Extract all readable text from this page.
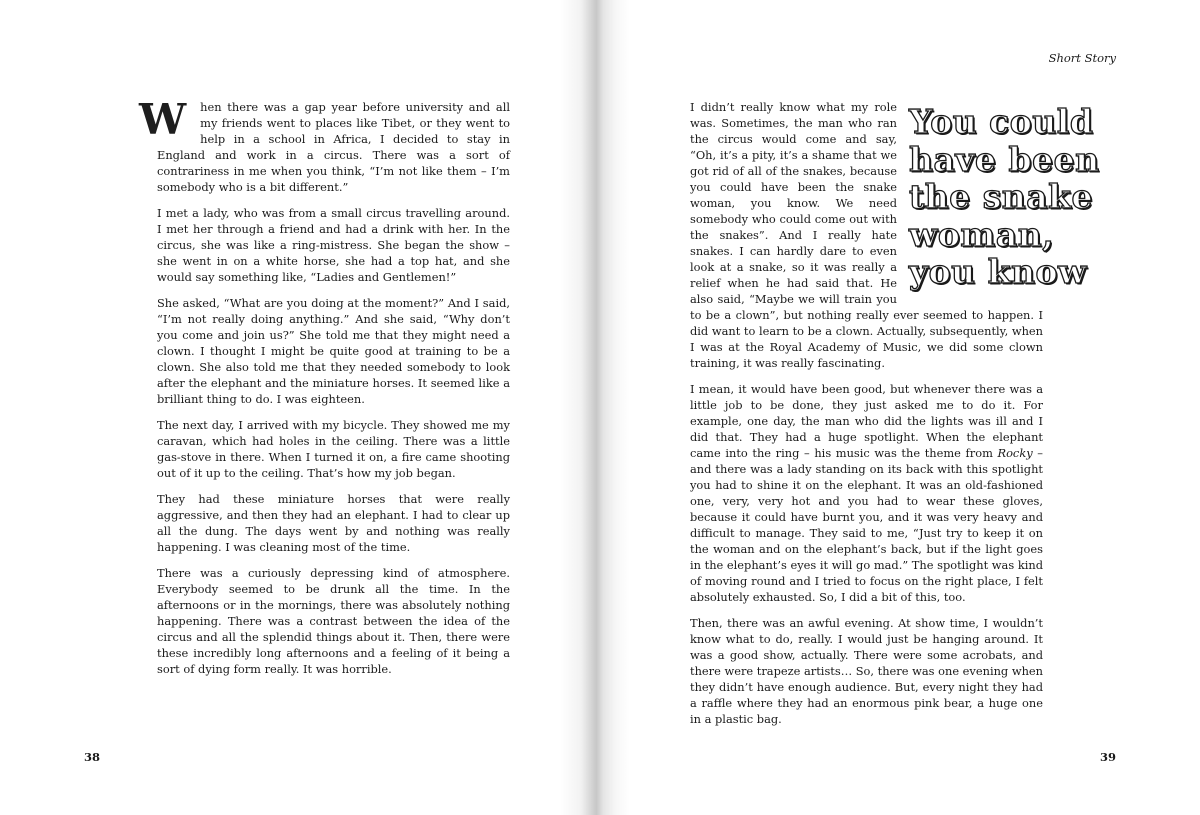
W hen there was a gap year before university and all my friends went to places like Tibet, or they went to help in a school in Africa, I decided to stay in England and work in a circus. There was a sort of contrariness in me when you think, “I’m not like them – I’m somebody who is a bit different.”

I met a lady, who was from a small circus travelling around. I met her through a friend and had a drink with her. In the circus, she was like a ring-mistress. She began the show – she went in on a white horse, she had a top hat, and she would say something like, “Ladies and Gentlemen!”

She asked, “What are you doing at the moment?” And I said, “I’m not really doing anything.” And she said, “Why don’t you come and join us?” She told me that they might need a clown. I thought I might be quite good at training to be a clown. She also told me that they needed somebody to look after the elephant and the miniature horses. It seemed like a brilliant thing to do. I was eighteen.

The next day, I arrived with my bicycle. They showed me my caravan, which had holes in the ceiling. There was a little gas-stove in there. When I turned it on, a fire came shooting out of it up to the ceiling. That’s how my job began.

They had these miniature horses that were really aggressive, and then they had an elephant. I had to clear up all the dung. The days went by and nothing was really happening. I was cleaning most of the time.

There was a curiously depressing kind of atmosphere. Everybody seemed to be drunk all the time. In the afternoons or in the mornings, there was absolutely nothing happening. There was a contrast between the idea of the circus and all the splendid things about it. Then, there were these incredibly long afternoons and a feeling of it being a sort of dying form really. It was horrible.

38
Short Story

You could
have been
the snake
woman,
you know
I didn’t really know what my role was. Sometimes, the man who ran the circus would come and say, “Oh, it’s a pity, it’s a shame that we got rid of all of the snakes, because you could have been the snake woman, you know. We need somebody who could come out with the snakes”. And I really hate snakes. I can hardly dare to even look at a snake, so it was really a relief when he had said that. He also said, “Maybe we will train you to be a clown”, but nothing really ever seemed to happen. I did want to learn to be a clown. Actually, subsequently, when I was at the Royal Academy of Music, we did some clown training, it was really fascinating.

I mean, it would have been good, but whenever there was a little job to be done, they just asked me to do it. For example, one day, the man who did the lights was ill and I did that. They had a huge spotlight. When the elephant came into the ring – his music was the theme from Rocky – and there was a lady standing on its back with this spotlight you had to shine it on the elephant. It was an old-fashioned one, very, very hot and you had to wear these gloves, because it could have burnt you, and it was very heavy and difficult to manage. They said to me, “Just try to keep it on the woman and on the elephant’s back, but if the light goes in the elephant’s eyes it will go mad.” The spotlight was kind of moving round and I tried to focus on the right place, I felt absolutely exhausted. So, I did a bit of this, too.

Then, there was an awful evening. At show time, I wouldn’t know what to do, really. I would just be hanging around. It was a good show, actually. There were some acrobats, and there were trapeze artists… So, there was one evening when they didn’t have enough audience. But, every night they had a raffle where they had an enormous pink bear, a huge one in a plastic bag.

39
